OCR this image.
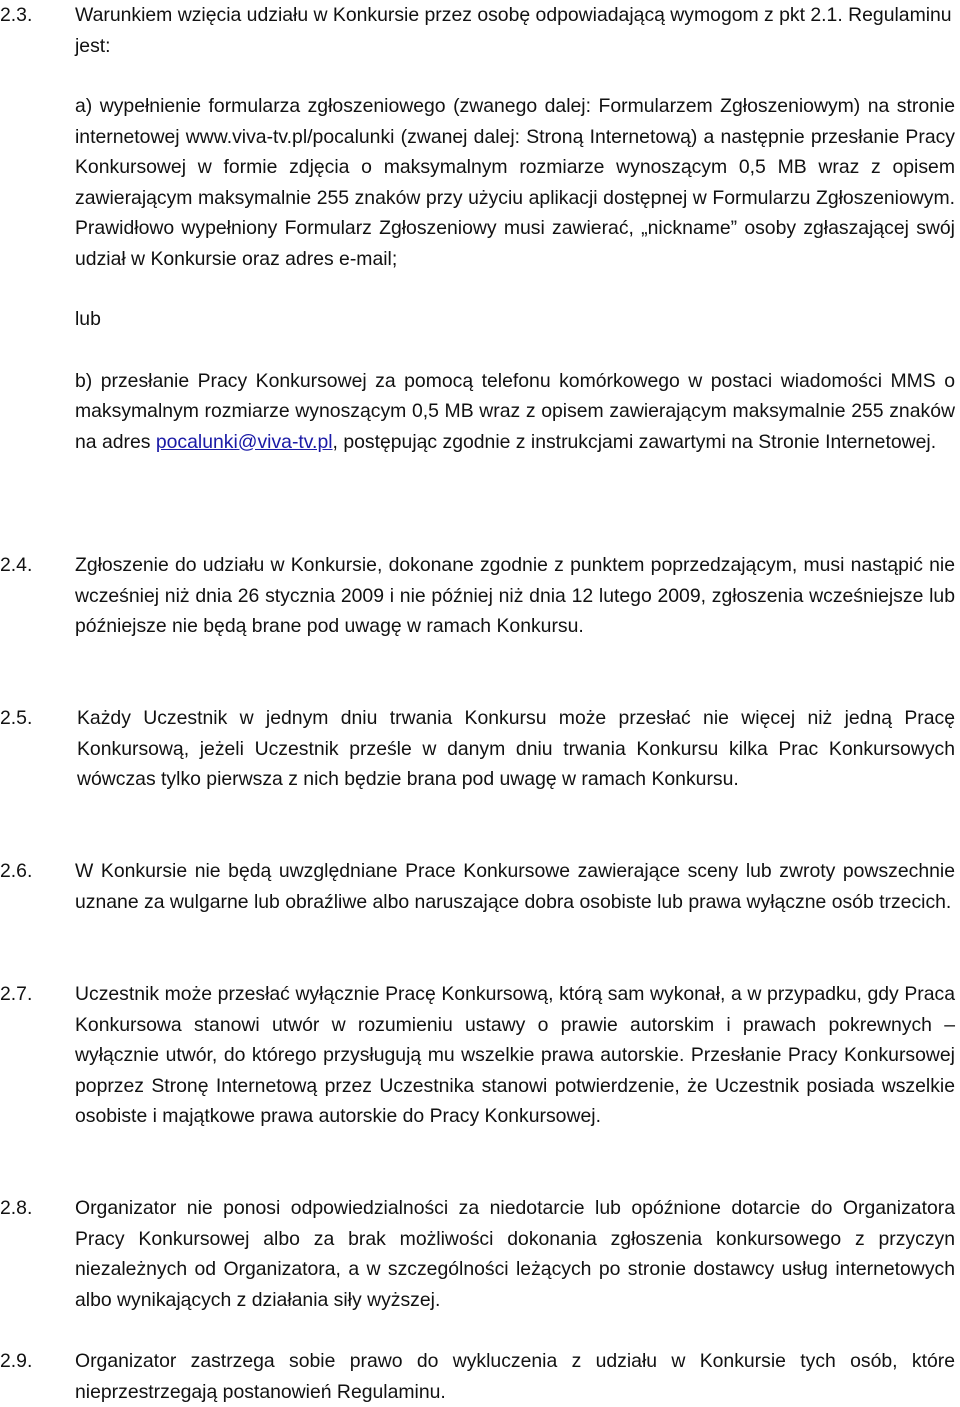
2.3.	Warunkiem wzięcia udziału w Konkursie przez osobę odpowiadającą wymogom z pkt 2.1. Regulaminu jest:

a) wypełnienie formularza zgłoszeniowego (zwanego dalej: Formularzem Zgłoszeniowym) na stronie internetowej www.viva-tv.pl/pocalunki (zwanej dalej: Stroną Internetową) a następnie przesłanie Pracy Konkursowej w formie zdjęcia o maksymalnym rozmiarze wynoszącym 0,5 MB wraz z opisem zawierającym maksymalnie 255 znaków przy użyciu aplikacji dostępnej w Formularzu Zgłoszeniowym. Prawidłowo wypełniony Formularz Zgłoszeniowy musi zawierać, „nickname” osoby zgłaszającej swój udział w Konkursie oraz adres e-mail;

lub

b) przesłanie Pracy Konkursowej za pomocą telefonu komórkowego w postaci wiadomości MMS o maksymalnym rozmiarze wynoszącym 0,5 MB wraz z opisem zawierającym maksymalnie 255 znaków na adres pocalunki@viva-tv.pl, postępując zgodnie z instrukcjami zawartymi na Stronie Internetowej.

2.4.	Zgłoszenie do udziału w Konkursie, dokonane zgodnie z punktem poprzedzającym, musi nastąpić nie wcześniej niż dnia 26 stycznia 2009 i nie później niż dnia 12 lutego 2009, zgłoszenia wcześniejsze lub późniejsze nie będą brane pod uwagę w ramach Konkursu.

2.5.	Każdy Uczestnik w jednym dniu trwania Konkursu może przesłać nie więcej niż jedną Pracę Konkursową, jeżeli Uczestnik prześle w danym dniu trwania Konkursu kilka Prac Konkursowych wówczas tylko pierwsza z nich będzie brana pod uwagę w ramach Konkursu.

2.6.	W Konkursie nie będą uwzględniane Prace Konkursowe zawierające sceny lub zwroty powszechnie uznane za wulgarne lub obraźliwe albo naruszające dobra osobiste lub prawa wyłączne osób trzecich.

2.7.	Uczestnik może przesłać wyłącznie Pracę Konkursową, którą sam wykonał, a w przypadku, gdy Praca Konkursowa stanowi utwór w rozumieniu ustawy o prawie autorskim i prawach pokrewnych – wyłącznie utwór, do którego przysługują mu wszelkie prawa autorskie. Przesłanie Pracy Konkursowej poprzez Stronę Internetową przez Uczestnika stanowi potwierdzenie, że Uczestnik posiada wszelkie osobiste i majątkowe prawa autorskie do Pracy Konkursowej.

2.8.	Organizator nie ponosi odpowiedzialności za niedotarcie lub opóźnione dotarcie do Organizatora Pracy Konkursowej albo za brak możliwości dokonania zgłoszenia konkursowego z przyczyn niezależnych od Organizatora, a w szczególności leżących po stronie dostawcy usług internetowych albo wynikających z działania siły wyższej.

2.9.	Organizator zastrzega sobie prawo do wykluczenia z udziału w Konkursie tych osób, które nieprzestrzegają postanowień Regulaminu.
